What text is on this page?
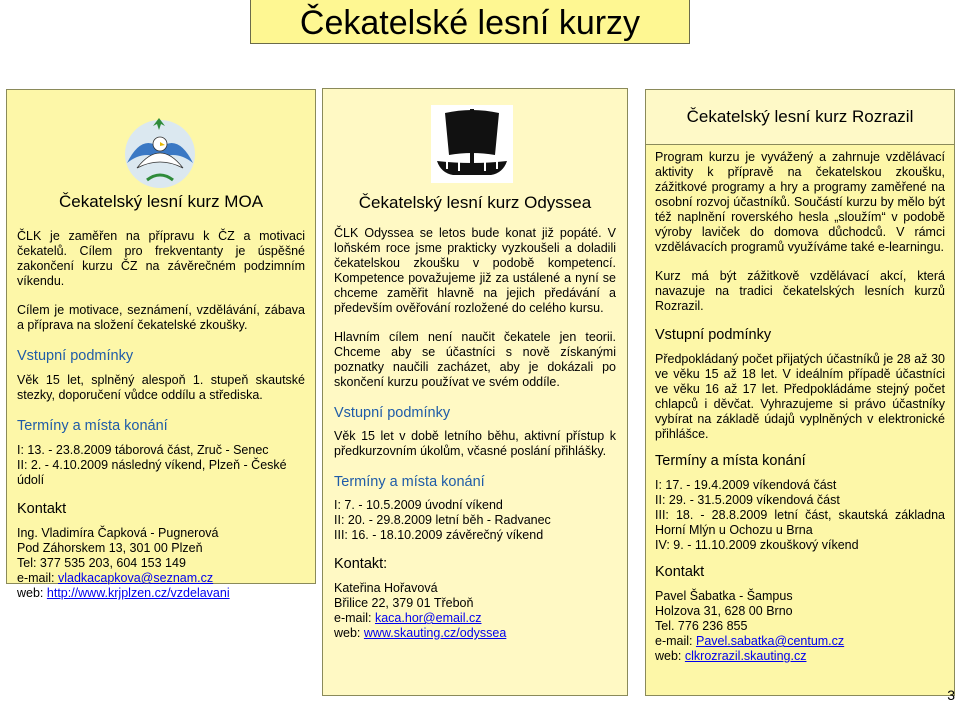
Čekatelské lesní kurzy
Čekatelský lesní kurz MOA

ČLK je zaměřen na přípravu k ČZ a motivaci čekatelů. Cílem pro frekventanty je úspěšné zakončení kurzu ČZ na závěrečném podzimním víkendu.

Cílem je motivace, seznámení, vzdělávání, zábava a příprava na složení čekatelské zkoušky.

Vstupní podmínky

Věk 15 let, splněný alespoň 1. stupeň skautské stezky, doporučení vůdce oddílu a střediska.

Termíny a místa konání
I: 13. - 23.8.2009 táborová část, Zruč - Senec
II: 2. - 4.10.2009 následný víkend, Plzeň - České údolí
Kontakt
Ing. Vladimíra Čapková - Pugnerová
Pod Záhorskem 13, 301 00 Plzeň
Tel: 377 535 203, 604 153 149
e-mail: vladkacapkova@seznam.cz
web: http://www.krjplzen.cz/vzdelavani
Čekatelský lesní kurz Odyssea

ČLK Odyssea se letos bude konat již popáté. V loňském roce jsme prakticky vyzkoušeli a doladili čekatelskou zkoušku v podobě kompetencí. Kompetence považujeme již za ustálené a nyní se chceme zaměřit hlavně na jejich předávání a především ověřování rozložené do celého kursu.

Hlavním cílem není naučit čekatele jen teorii. Chceme aby se účastníci s nově získanými poznatky naučili zacházet, aby je dokázali po skončení kurzu používat ve svém oddíle.

Vstupní podmínky

Věk 15 let v době letního běhu, aktivní přístup k předkurzovním úkolům, včasné poslání přihlášky.

Termíny a místa konání
I: 7. - 10.5.2009 úvodní víkend
II: 20. - 29.8.2009 letní běh - Radvanec
III: 16. - 18.10.2009 závěrečný víkend
Kontakt:
Kateřina Hořavová
Břilice 22, 379 01 Třeboň
e-mail: kaca.hor@email.cz
web: www.skauting.cz/odyssea
Čekatelský lesní kurz Rozrazil

Program kurzu je vyvážený a zahrnuje vzdělávací aktivity k přípravě na čekatelskou zkoušku, zážitkové programy a hry a programy zaměřené na osobní rozvoj účastníků. Součástí kurzu by mělo být též naplnění roverského hesla „sloužím“ v podobě výroby laviček do domova důchodců. V rámci vzdělávacích programů využíváme také e-learningu.

Kurz má být zážitkově vzdělávací akcí, která navazuje na tradici čekatelských lesních kurzů Rozrazil.

Vstupní podmínky

Předpokládaný počet přijatých účastníků je 28 až 30 ve věku 15 až 18 let. V ideálním případě účastníci ve věku 16 až 17 let. Předpokládáme stejný počet chlapců i děvčat. Vyhrazujeme si právo účastníky vybírat na základě údajů vyplněných v elektronické přihlášce.

Termíny a místa konání
I: 17. - 19.4.2009 víkendová část
II: 29. - 31.5.2009 víkendová část
III: 18. - 28.8.2009 letní část, skautská základna Horní Mlýn u Ochozu u Brna
IV: 9. - 11.10.2009 zkouškový víkend
Kontakt
Pavel Šabatka - Šampus
Holzova 31, 628 00 Brno
Tel. 776 236 855
e-mail: Pavel.sabatka@centum.cz
web: clkrozrazil.skauting.cz
3
